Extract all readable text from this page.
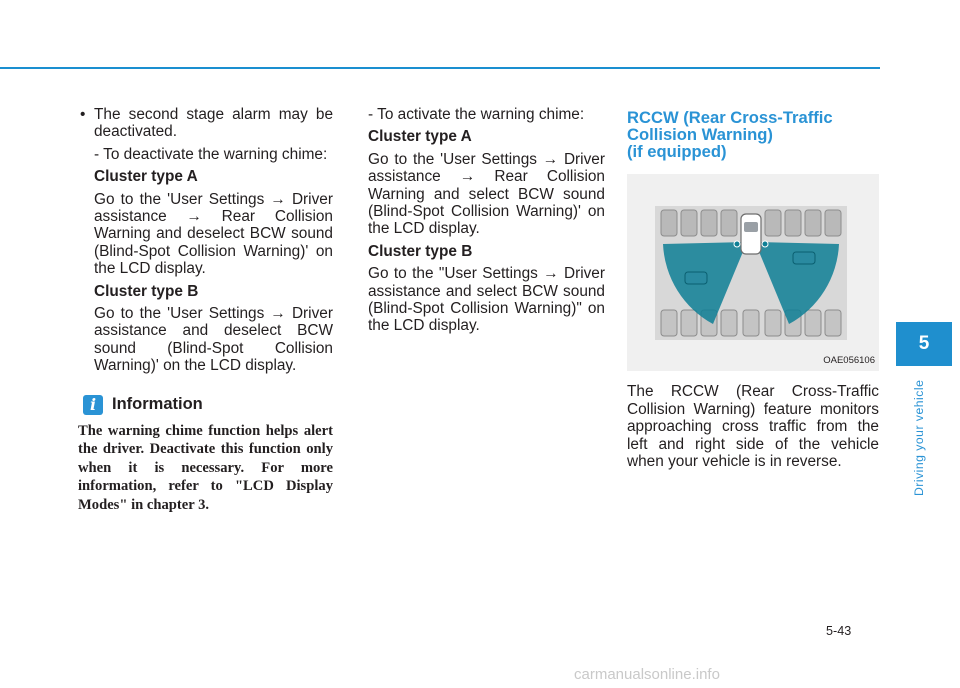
• The second stage alarm may be deactivated.

- To deactivate the warning chime:

Cluster type A

Go to the 'User Settings → Driver assistance → Rear Collision Warning and deselect BCW sound (Blind-Spot Collision Warning)' on the LCD display.

Cluster type B

Go to the 'User Settings → Driver assistance and deselect BCW sound (Blind-Spot Collision Warning)' on the LCD display.

i Information
The warning chime function helps alert the driver. Deactivate this function only when it is necessary. For more information, refer to "LCD Display Modes" in chapter 3.

- To activate the warning chime:

Cluster type A

Go to the 'User Settings → Driver assistance → Rear Collision Warning and select BCW sound (Blind-Spot Collision Warning)' on the LCD display.

Cluster type B

Go to the "User Settings → Driver assistance and select BCW sound (Blind-Spot Collision Warning)" on the LCD display.

RCCW (Rear Cross-Traffic
Collision Warning)
(if equipped)
OAE056106

The RCCW (Rear Cross-Traffic Collision Warning) feature monitors approaching cross traffic from the left and right side of the vehicle when your vehicle is in reverse.

5
Driving your vehicle
5-43
carmanualsonline.info
